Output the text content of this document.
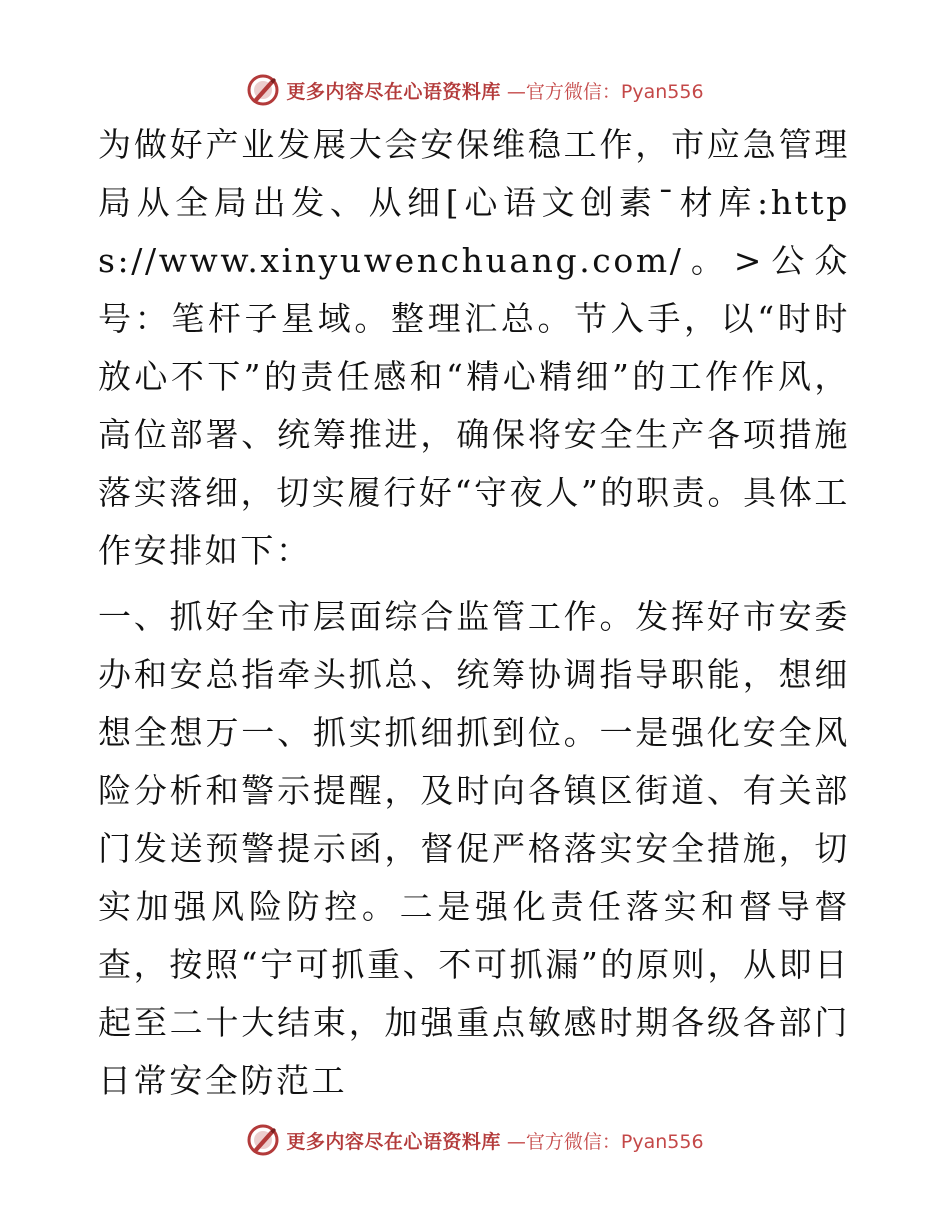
更多内容尽在心语资料库 —官方微信：Pyan556

为做好产业发展大会安保维稳工作，市应急管理局从全局出发、从细[心语文创素¯材库:https://www.xinyuwenchuang.com/。>公众号：笔杆子星域。整理汇总。节入手，以“时时放心不下”的责任感和“精心精细”的工作作风，高位部署、统筹推进，确保将安全生产各项措施落实落细，切实履行好“守夜人”的职责。具体工作安排如下：

一、抓好全市层面综合监管工作。发挥好市安委办和安总指牵头抓总、统筹协调指导职能，想细想全想万一、抓实抓细抓到位。一是强化安全风险分析和警示提醒，及时向各镇区街道、有关部门发送预警提示函，督促严格落实安全措施，切实加强风险防控。二是强化责任落实和督导督查，按照“宁可抓重、不可抓漏”的原则，从即日起至二十大结束，加强重点敏感时期各级各部门日常安全防范工

更多内容尽在心语资料库 —官方微信：Pyan556
